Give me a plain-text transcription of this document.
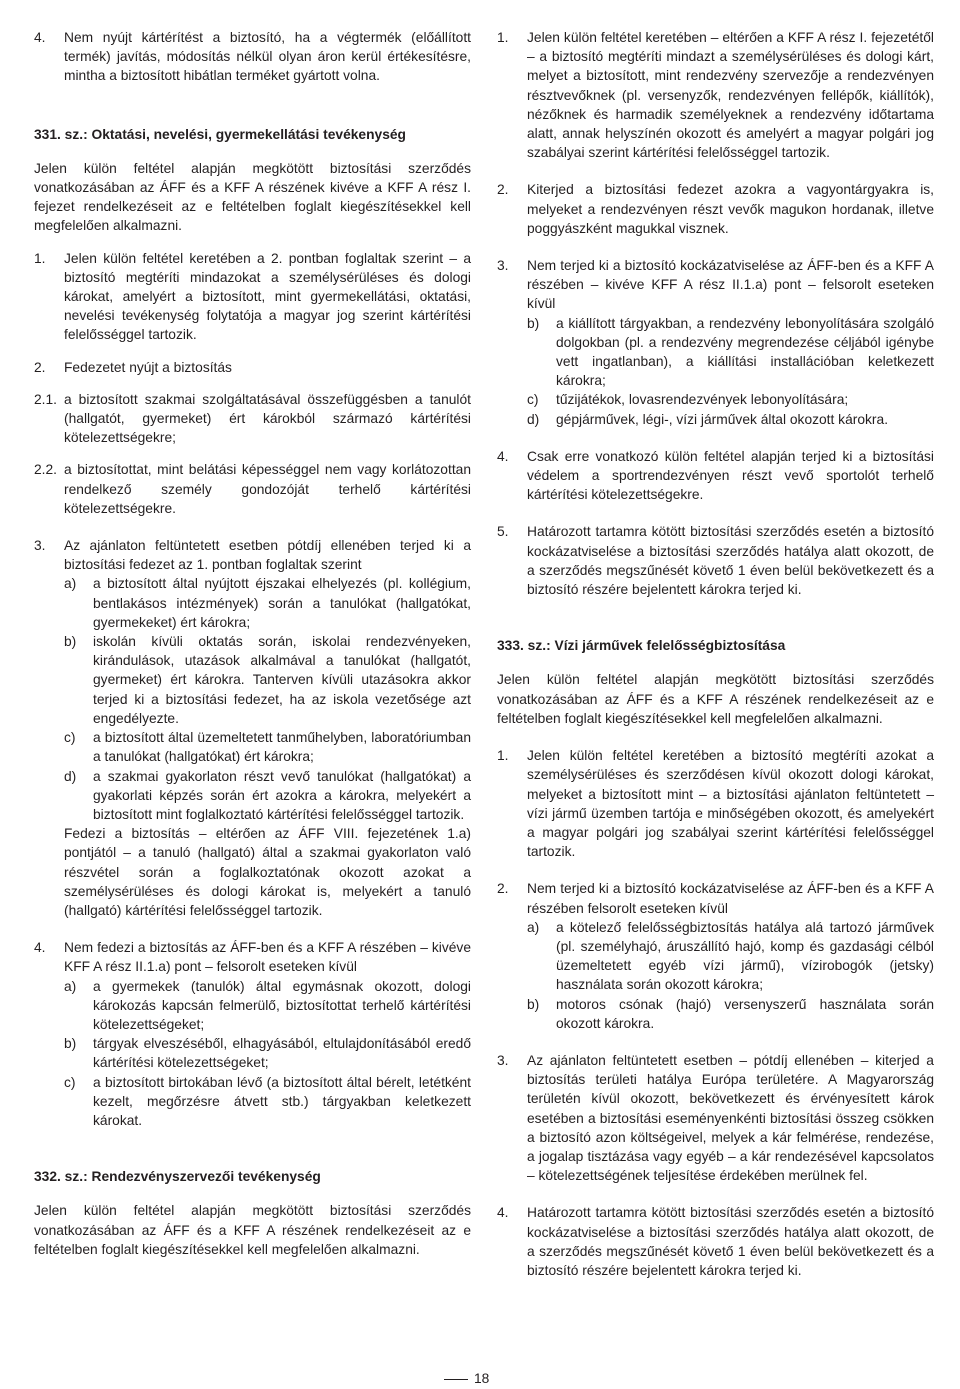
4. Nem nyújt kártérítést a biztosító, ha a végtermék (előállított termék) javítás, módosítás nélkül olyan áron kerül értékesítésre, mintha a biztosított hibátlan terméket gyártott volna.
331. sz.: Oktatási, nevelési, gyermekellátási tevékenység
Jelen külön feltétel alapján megkötött biztosítási szerződés vonatkozásában az ÁFF és a KFF A részének kivéve a KFF A rész I. fejezet rendelkezéseit az e feltételben foglalt kiegészítésekkel kell megfelelően alkalmazni.
1. Jelen külön feltétel keretében a 2. pontban foglaltak szerint – a biztosító megtéríti mindazokat a személysérüléses és dologi károkat, amelyért a biztosított, mint gyermekellátási, oktatási, nevelési tevékenység folytatója a magyar jog szerint kártérítési felelősséggel tartozik.
2. Fedezetet nyújt a biztosítás
2.1. a biztosított szakmai szolgáltatásával összefüggésben a tanulót (hallgatót, gyermeket) ért károkból származó kártérítési kötelezettségekre;
2.2. a biztosítottat, mint belátási képességgel nem vagy korlátozottan rendelkező személy gondozóját terhelő kártérítési kötelezettségekre.
3. Az ajánlaton feltüntetett esetben pótdíj ellenében terjed ki a biztosítási fedezet az 1. pontban foglaltak szerint
a) a biztosított által nyújtott éjszakai elhelyezés (pl. kollégium, bentlakásos intézmények) során a tanulókat (hallgatókat, gyermekeket) ért károkra;
b) iskolán kívüli oktatás során, iskolai rendezvényeken, kirándulások, utazások alkalmával a tanulókat (hallgatót, gyermeket) ért károkra. Tanterven kívüli utazásokra akkor terjed ki a biztosítási fedezet, ha az iskola vezetősége azt engedélyezte.
c) a biztosított által üzemeltetett tanműhelyben, laboratóriumban a tanulókat (hallgatókat) ért károkra;
d) a szakmai gyakorlaton részt vevő tanulókat (hallgatókat) a gyakorlati képzés során ért azokra a károkra, melyekért a biztosított mint foglalkoztató kártérítési felelősséggel tartozik.
Fedezi a biztosítás – eltérően az ÁFF VIII. fejezetének 1.a) pontjától – a tanuló (hallgató) által a szakmai gyakorlaton való részvétel során a foglalkoztatónak okozott azokat a személysérüléses és dologi károkat is, melyekért a tanuló (hallgató) kártérítési felelősséggel tartozik.
4. Nem fedezi a biztosítás az ÁFF-ben és a KFF A részében – kivéve KFF A rész II.1.a) pont – felsorolt eseteken kívül
a) a gyermekek (tanulók) által egymásnak okozott, dologi károkozás kapcsán felmerülő, biztosítottat terhelő kártérítési kötelezettségeket;
b) tárgyak elveszéséből, elhagyásából, eltulajdonításából eredő kártérítési kötelezettségeket;
c) a biztosított birtokában lévő (a biztosított által bérelt, letétként kezelt, megőrzésre átvett stb.) tárgyakban keletkezett károkat.
332. sz.: Rendezvényszervezői tevékenység
Jelen külön feltétel alapján megkötött biztosítási szerződés vonatkozásában az ÁFF és a KFF A részének rendelkezéseit az e feltételben foglalt kiegészítésekkel kell megfelelően alkalmazni.
1. Jelen külön feltétel keretében – eltérően a KFF A rész I. fejezetétől – a biztosító megtéríti mindazt a személysérüléses és dologi kárt, melyet a biztosított, mint rendezvény szervezője a rendezvényen résztvevőknek (pl. versenyzők, rendezvényen fellépők, kiállítók), nézőknek és harmadik személyeknek a rendezvény időtartama alatt, annak helyszínén okozott és amelyért a magyar polgári jog szabályai szerint kártérítési felelősséggel tartozik.
2. Kiterjed a biztosítási fedezet azokra a vagyontárgyakra is, melyeket a rendezvényen részt vevők magukon hordanak, illetve poggyászként magukkal visznek.
3. Nem terjed ki a biztosító kockázatviselése az ÁFF-ben és a KFF A részében – kivéve KFF A rész II.1.a) pont – felsorolt eseteken kívül
b) a kiállított tárgyakban, a rendezvény lebonyolítására szolgáló dolgokban (pl. a rendezvény megrendezése céljából igénybe vett ingatlanban), a kiállítási installációban keletkezett károkra;
c) tűzijátékok, lovasrendezvények lebonyolítására;
d) gépjárművek, légi-, vízi járművek által okozott károkra.
4. Csak erre vonatkozó külön feltétel alapján terjed ki a biztosítási védelem a sportrendezvényen részt vevő sportolót terhelő kártérítési kötelezettségekre.
5. Határozott tartamra kötött biztosítási szerződés esetén a biztosító kockázatviselése a biztosítási szerződés hatálya alatt okozott, de a szerződés megszűnését követő 1 éven belül bekövetkezett és a biztosító részére bejelentett károkra terjed ki.
333. sz.: Vízi járművek felelősségbiztosítása
Jelen külön feltétel alapján megkötött biztosítási szerződés vonatkozásában az ÁFF és a KFF A részének rendelkezéseit az e feltételben foglalt kiegészítésekkel kell megfelelően alkalmazni.
1. Jelen külön feltétel keretében a biztosító megtéríti azokat a személysérüléses és szerződésen kívül okozott dologi károkat, melyeket a biztosított mint – a biztosítási ajánlaton feltüntetett – vízi jármű üzemben tartója e minőségében okozott, és amelyekért a magyar polgári jog szabályai szerint kártérítési felelősséggel tartozik.
2. Nem terjed ki a biztosító kockázatviselése az ÁFF-ben és a KFF A részében felsorolt eseteken kívül
a) a kötelező felelősségbiztosítás hatálya alá tartozó járművek (pl. személyhajó, áruszállító hajó, komp és gazdasági célból üzemeltetett egyéb vízi jármű), vízirobogók (jetsky) használata során okozott károkra;
b) motoros csónak (hajó) versenyszerű használata során okozott károkra.
3. Az ajánlaton feltüntetett esetben – pótdíj ellenében – kiterjed a biztosítás területi hatálya Európa területére. A Magyarország területén kívül okozott, bekövetkezett és érvényesített károk esetében a biztosítási eseményenkénti biztosítási összeg csökken a biztosító azon költségeivel, melyek a kár felmérése, rendezése, a jogalap tisztázása vagy egyéb – a kár rendezésével kapcsolatos – kötelezettségének teljesítése érdekében merülnek fel.
4. Határozott tartamra kötött biztosítási szerződés esetén a biztosító kockázatviselése a biztosítási szerződés hatálya alatt okozott, de a szerződés megszűnését követő 1 éven belül bekövetkezett és a biztosító részére bejelentett károkra terjed ki.
18
